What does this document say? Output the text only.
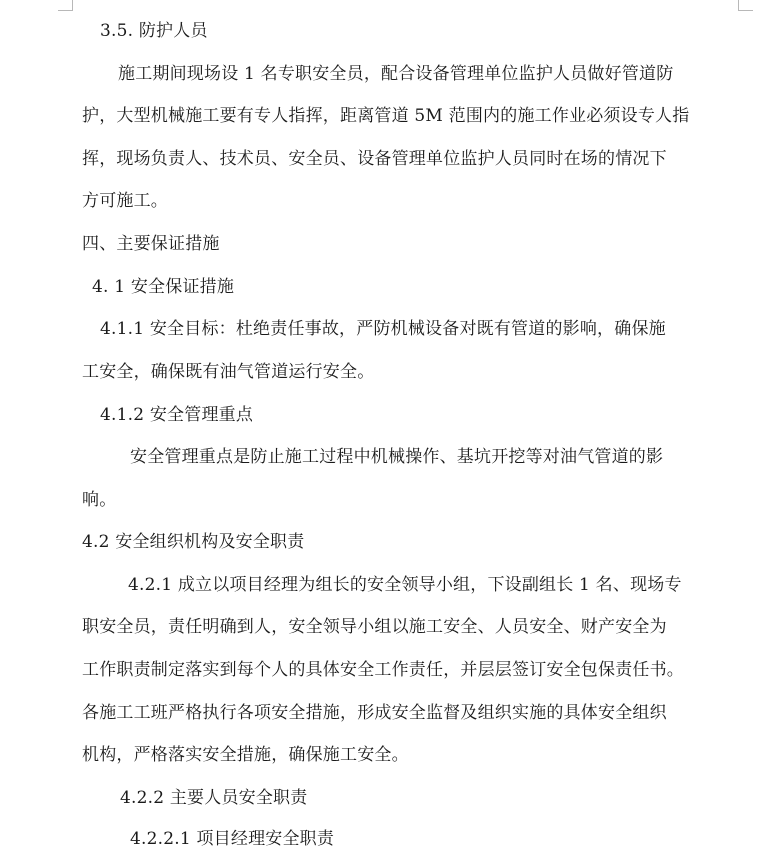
3.5. 防护人员
施工期间现场设 1 名专职安全员，配合设备管理单位监护人员做好管道防
护，大型机械施工要有专人指挥，距离管道 5M 范围内的施工作业必须设专人指
挥，现场负责人、技术员、安全员、设备管理单位监护人员同时在场的情况下
方可施工。
四、主要保证措施
4. 1 安全保证措施
4.1.1 安全目标：杜绝责任事故，严防机械设备对既有管道的影响，确保施
工安全，确保既有油气管道运行安全。
4.1.2 安全管理重点
安全管理重点是防止施工过程中机械操作、基坑开挖等对油气管道的影
响。
4.2 安全组织机构及安全职责
4.2.1 成立以项目经理为组长的安全领导小组，下设副组长 1 名、现场专
职安全员，责任明确到人，安全领导小组以施工安全、人员安全、财产安全为
工作职责制定落实到每个人的具体安全工作责任，并层层签订安全包保责任书。
各施工工班严格执行各项安全措施，形成安全监督及组织实施的具体安全组织
机构，严格落实安全措施，确保施工安全。
4.2.2 主要人员安全职责
4.2.2.1 项目经理安全职责
